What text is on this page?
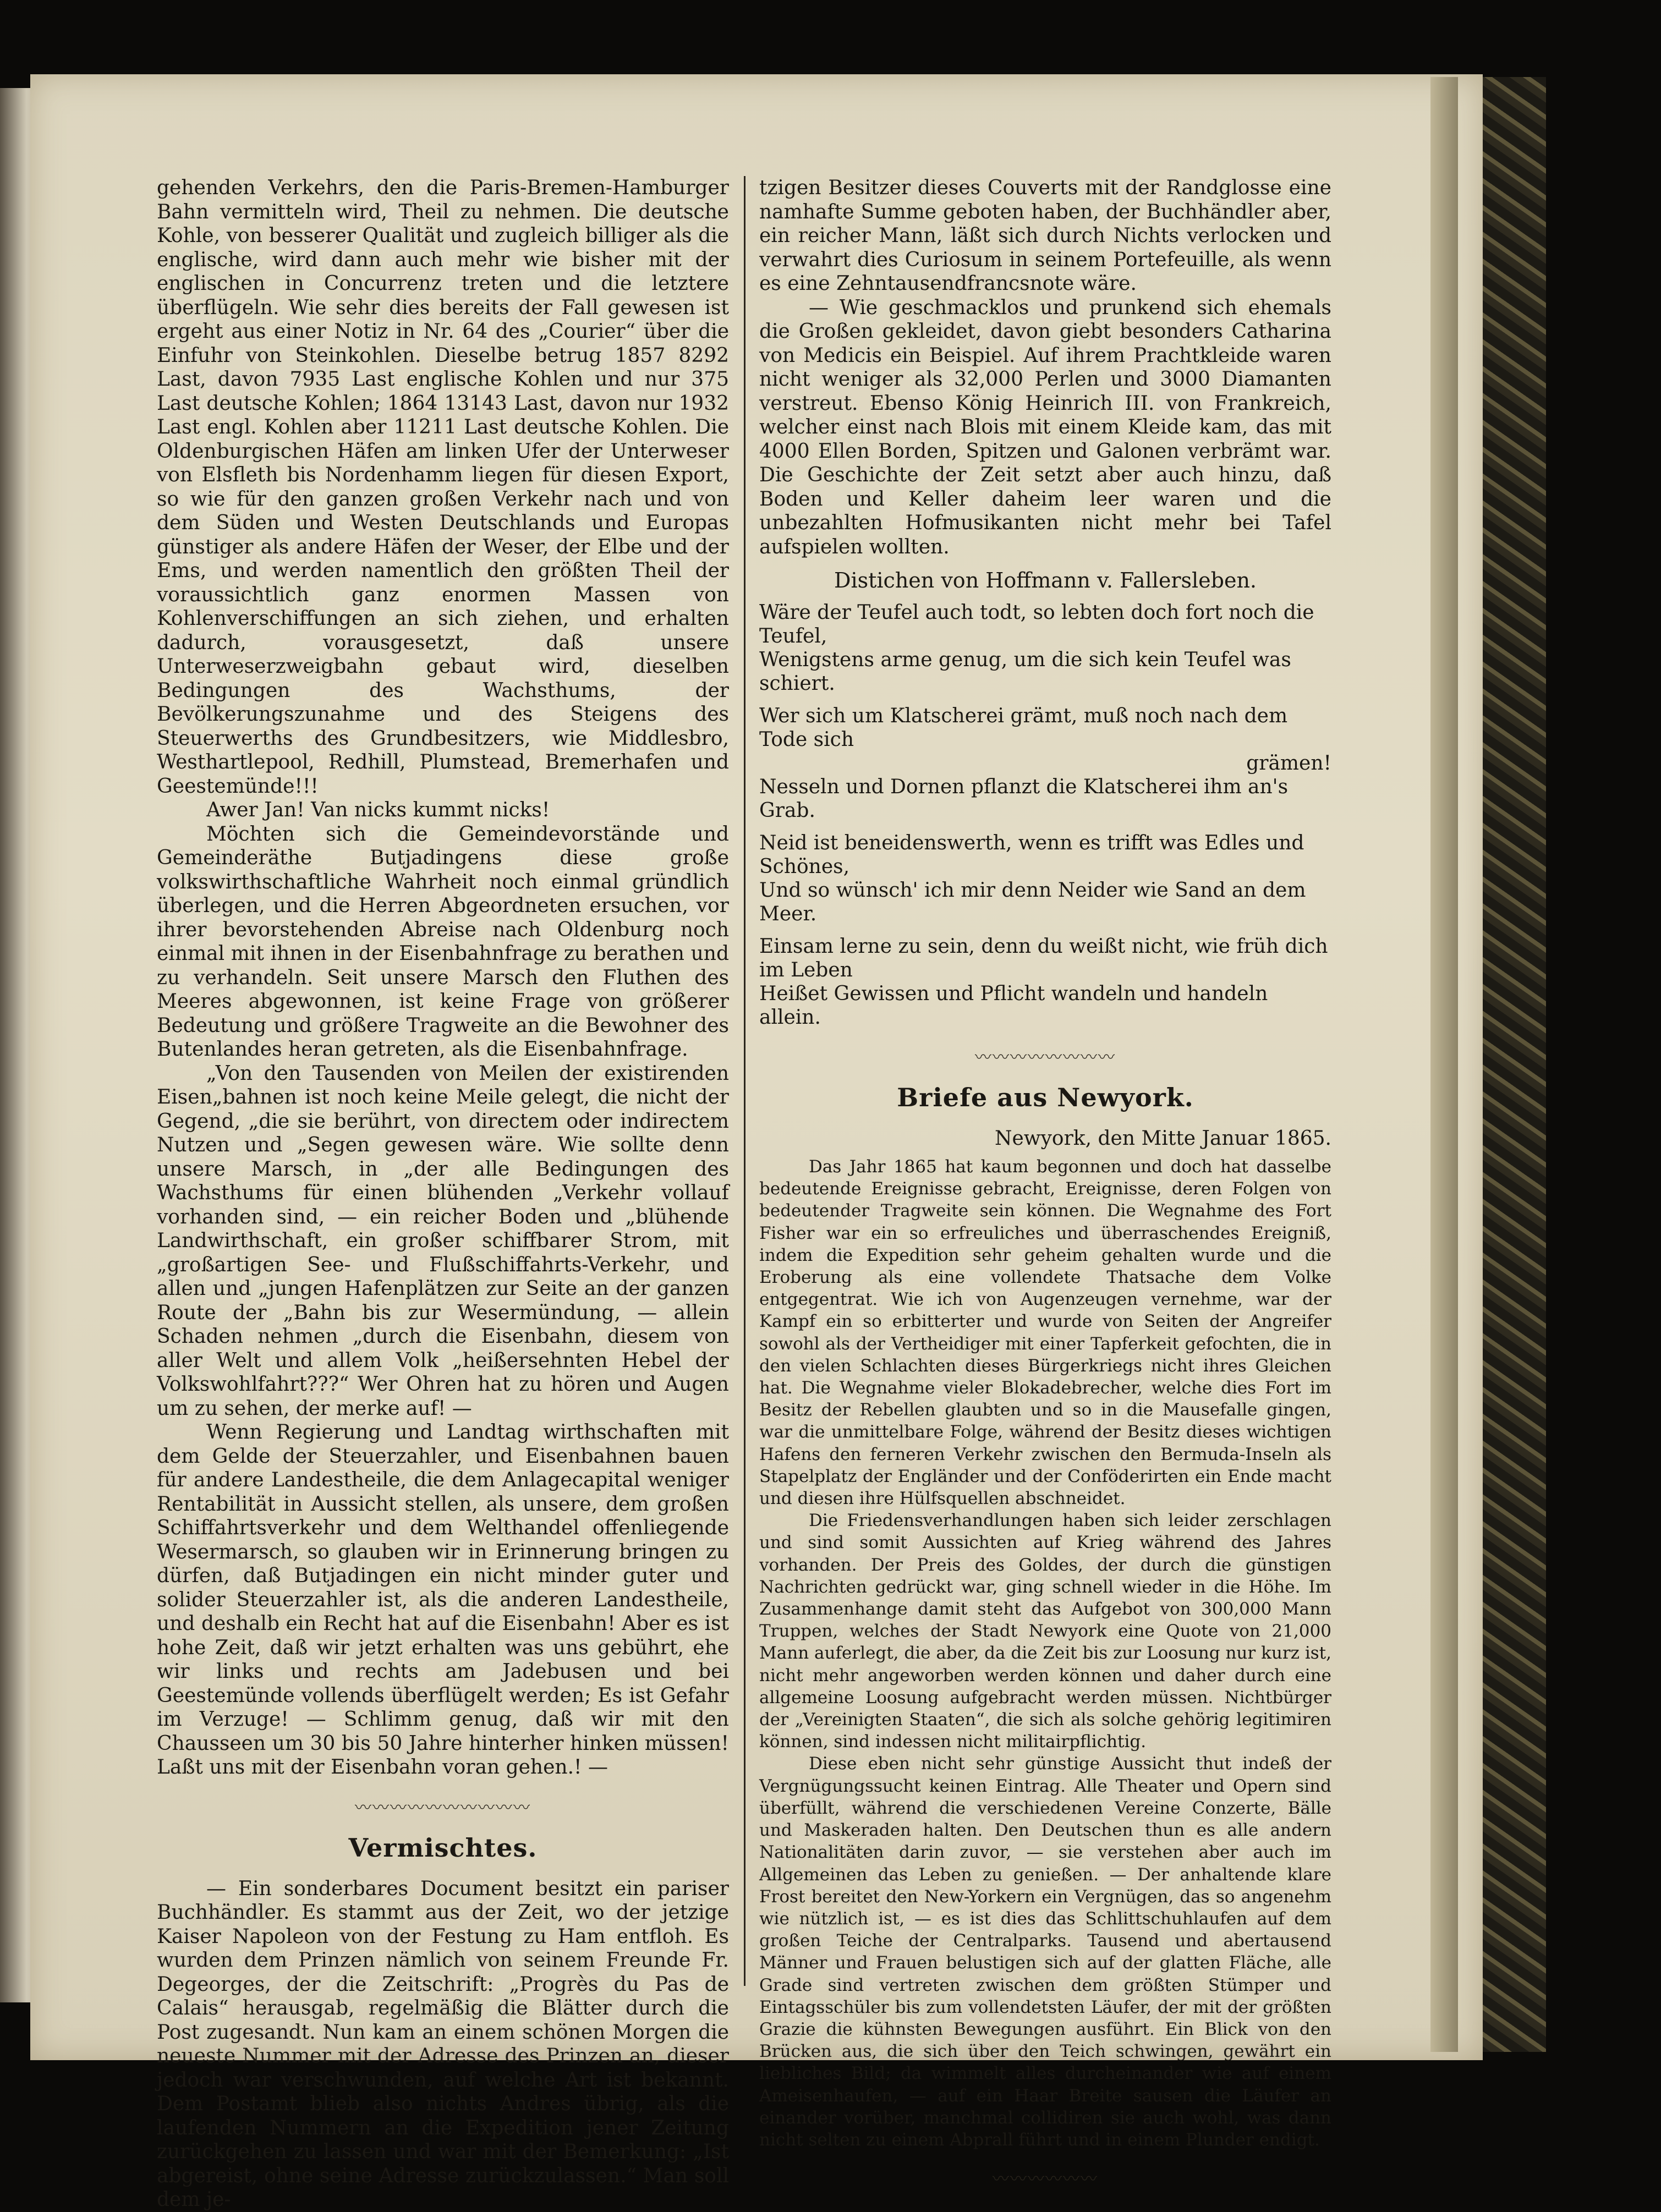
gehenden Verkehrs, den die Paris-Bremen-Hamburger Bahn vermitteln wird, Theil zu nehmen. Die deutsche Kohle, von besserer Qualität und zugleich billiger als die englische, wird dann auch mehr wie bisher mit der englischen in Concurrenz treten und die letztere überflügeln. Wie sehr dies bereits der Fall gewesen ist ergeht aus einer Notiz in Nr. 64 des „Courier“ über die Einfuhr von Steinkohlen. Dieselbe betrug 1857 8292 Last, davon 7935 Last englische Kohlen und nur 375 Last deutsche Kohlen; 1864 13143 Last, davon nur 1932 Last engl. Kohlen aber 11211 Last deutsche Kohlen. Die Oldenburgischen Häfen am linken Ufer der Unterweser von Elsfleth bis Nordenhamm liegen für diesen Export, so wie für den ganzen großen Verkehr nach und von dem Süden und Westen Deutschlands und Europas günstiger als andere Häfen der Weser, der Elbe und der Ems, und werden namentlich den größten Theil der voraussichtlich ganz enormen Massen von Kohlenverschiffungen an sich ziehen, und erhalten dadurch, vorausgesetzt, daß unsere Unterweserzweigbahn gebaut wird, dieselben Bedingungen des Wachsthums, der Bevölkerungszunahme und des Steigens des Steuerwerths des Grundbesitzers, wie Middlesbro, Westhartlepool, Redhill, Plumstead, Bremerhafen und Geestemünde!!!

Awer Jan! Van nicks kummt nicks!

Möchten sich die Gemeindevorstände und Gemeinderäthe Butjadingens diese große volkswirthschaftliche Wahrheit noch einmal gründlich überlegen, und die Herren Abgeordneten ersuchen, vor ihrer bevorstehenden Abreise nach Oldenburg noch einmal mit ihnen in der Eisenbahnfrage zu berathen und zu verhandeln. Seit unsere Marsch den Fluthen des Meeres abgewonnen, ist keine Frage von größerer Bedeutung und größere Tragweite an die Bewohner des Butenlandes heran getreten, als die Eisenbahnfrage.

„Von den Tausenden von Meilen der existirenden Eisen„bahnen ist noch keine Meile gelegt, die nicht der Gegend, „die sie berührt, von directem oder indirectem Nutzen und „Segen gewesen wäre. Wie sollte denn unsere Marsch, in „der alle Bedingungen des Wachsthums für einen blühenden „Verkehr vollauf vorhanden sind, — ein reicher Boden und „blühende Landwirthschaft, ein großer schiffbarer Strom, mit „großartigen See- und Flußschiffahrts-Verkehr, und allen und „jungen Hafenplätzen zur Seite an der ganzen Route der „Bahn bis zur Wesermündung, — allein Schaden nehmen „durch die Eisenbahn, diesem von aller Welt und allem Volk „heißersehnten Hebel der Volkswohlfahrt???“ Wer Ohren hat zu hören und Augen um zu sehen, der merke auf! —

Wenn Regierung und Landtag wirthschaften mit dem Gelde der Steuerzahler, und Eisenbahnen bauen für andere Landestheile, die dem Anlagecapital weniger Rentabilität in Aussicht stellen, als unsere, dem großen Schiffahrtsverkehr und dem Welthandel offenliegende Wesermarsch, so glauben wir in Erinnerung bringen zu dürfen, daß Butjadingen ein nicht minder guter und solider Steuerzahler ist, als die anderen Landestheile, und deshalb ein Recht hat auf die Eisenbahn! Aber es ist hohe Zeit, daß wir jetzt erhalten was uns gebührt, ehe wir links und rechts am Jadebusen und bei Geestemünde vollends überflügelt werden; Es ist Gefahr im Verzuge! — Schlimm genug, daß wir mit den Chausseen um 30 bis 50 Jahre hinterher hinken müssen! Laßt uns mit der Eisenbahn voran gehen.! —

〰〰〰〰〰〰〰〰〰〰
Vermischtes.

— Ein sonderbares Document besitzt ein pariser Buchhändler. Es stammt aus der Zeit, wo der jetzige Kaiser Napoleon von der Festung zu Ham entfloh. Es wurden dem Prinzen nämlich von seinem Freunde Fr. Degeorges, der die Zeitschrift: „Progrès du Pas de Calais“ herausgab, regelmäßig die Blätter durch die Post zugesandt. Nun kam an einem schönen Morgen die neueste Nummer mit der Adresse des Prinzen an, dieser jedoch war verschwunden, auf welche Art ist bekannt. Dem Postamt blieb also nichts Andres übrig, als die laufenden Nummern an die Expedition jener Zeitung zurückgehen zu lassen und war mit der Bemerkung: „Ist abgereist, ohne seine Adresse zurückzulassen.“ Man soll dem je-

tzigen Besitzer dieses Couverts mit der Randglosse eine namhafte Summe geboten haben, der Buchhändler aber, ein reicher Mann, läßt sich durch Nichts verlocken und verwahrt dies Curiosum in seinem Portefeuille, als wenn es eine Zehntausendfrancsnote wäre.

— Wie geschmacklos und prunkend sich ehemals die Großen gekleidet, davon giebt besonders Catharina von Medicis ein Beispiel. Auf ihrem Prachtkleide waren nicht weniger als 32,000 Perlen und 3000 Diamanten verstreut. Ebenso König Heinrich III. von Frankreich, welcher einst nach Blois mit einem Kleide kam, das mit 4000 Ellen Borden, Spitzen und Galonen verbrämt war. Die Geschichte der Zeit setzt aber auch hinzu, daß Boden und Keller daheim leer waren und die unbezahlten Hofmusikanten nicht mehr bei Tafel aufspielen wollten.

Distichen von Hoffmann v. Fallersleben.
Wäre der Teufel auch todt, so lebten doch fort noch die Teufel,
Wenigstens arme genug, um die sich kein Teufel was schiert.
Wer sich um Klatscherei grämt, muß noch nach dem Tode sich
grämen!
Nesseln und Dornen pflanzt die Klatscherei ihm an's Grab.
Neid ist beneidenswerth, wenn es trifft was Edles und Schönes,
Und so wünsch' ich mir denn Neider wie Sand an dem Meer.
Einsam lerne zu sein, denn du weißt nicht, wie früh dich im Leben
Heißet Gewissen und Pflicht wandeln und handeln allein.
〰〰〰〰〰〰〰〰
Briefe aus Newyork.
Newyork, den Mitte Januar 1865.

Das Jahr 1865 hat kaum begonnen und doch hat dasselbe bedeutende Ereignisse gebracht, Ereignisse, deren Folgen von bedeutender Tragweite sein können. Die Wegnahme des Fort Fisher war ein so erfreuliches und überraschendes Ereigniß, indem die Expedition sehr geheim gehalten wurde und die Eroberung als eine vollendete Thatsache dem Volke entgegentrat. Wie ich von Augenzeugen vernehme, war der Kampf ein so erbitterter und wurde von Seiten der Angreifer sowohl als der Vertheidiger mit einer Tapferkeit gefochten, die in den vielen Schlachten dieses Bürgerkriegs nicht ihres Gleichen hat. Die Wegnahme vieler Blokadebrecher, welche dies Fort im Besitz der Rebellen glaubten und so in die Mausefalle gingen, war die unmittelbare Folge, während der Besitz dieses wichtigen Hafens den ferneren Verkehr zwischen den Bermuda-Inseln als Stapelplatz der Engländer und der Conföderirten ein Ende macht und diesen ihre Hülfsquellen abschneidet.

Die Friedensverhandlungen haben sich leider zerschlagen und sind somit Aussichten auf Krieg während des Jahres vorhanden. Der Preis des Goldes, der durch die günstigen Nachrichten gedrückt war, ging schnell wieder in die Höhe. Im Zusammenhange damit steht das Aufgebot von 300,000 Mann Truppen, welches der Stadt Newyork eine Quote von 21,000 Mann auferlegt, die aber, da die Zeit bis zur Loosung nur kurz ist, nicht mehr angeworben werden können und daher durch eine allgemeine Loosung aufgebracht werden müssen. Nichtbürger der „Vereinigten Staaten“, die sich als solche gehörig legitimiren können, sind indessen nicht militairpflichtig.

Diese eben nicht sehr günstige Aussicht thut indeß der Vergnügungssucht keinen Eintrag. Alle Theater und Opern sind überfüllt, während die verschiedenen Vereine Conzerte, Bälle und Maskeraden halten. Den Deutschen thun es alle andern Nationalitäten darin zuvor, — sie verstehen aber auch im Allgemeinen das Leben zu genießen. — Der anhaltende klare Frost bereitet den New-Yorkern ein Vergnügen, das so angenehm wie nützlich ist, — es ist dies das Schlittschuhlaufen auf dem großen Teiche der Centralparks. Tausend und abertausend Männer und Frauen belustigen sich auf der glatten Fläche, alle Grade sind vertreten zwischen dem größten Stümper und Eintagsschüler bis zum vollendetsten Läufer, der mit der größten Grazie die kühnsten Bewegungen ausführt. Ein Blick von den Brücken aus, die sich über den Teich schwingen, gewährt ein liebliches Bild; da wimmelt alles durcheinander wie auf einem Ameisenhaufen, — auf ein Haar Breite sausen die Läufer an einander vorüber, manchmal collidiren sie auch wohl, was dann nicht selten zu einem Abprall führt und in einem Plunder endigt.

〰〰〰〰〰〰
